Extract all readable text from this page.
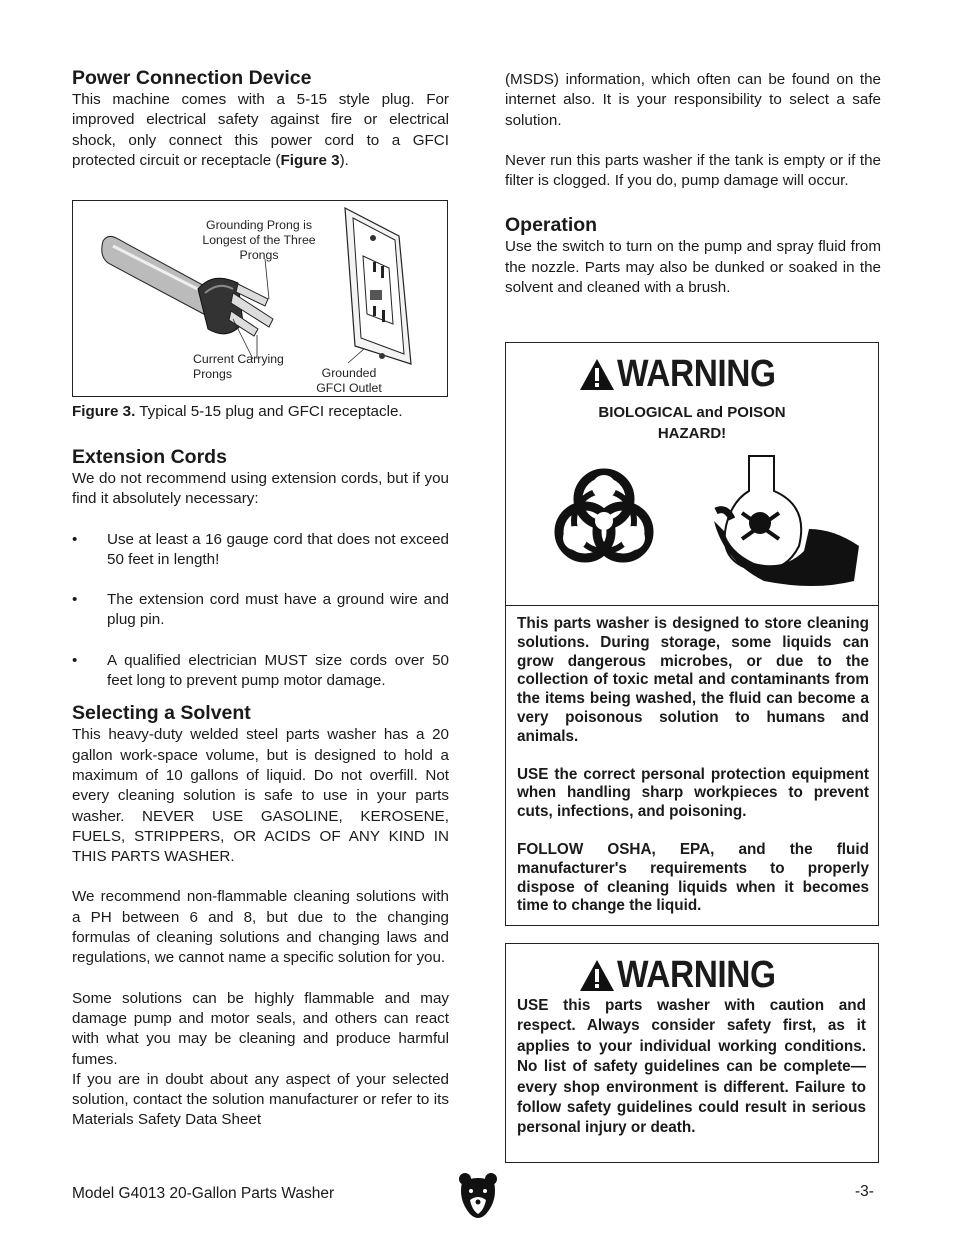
Power Connection Device

This machine comes with a 5-15 style plug. For improved electrical safety against fire or electrical shock, only connect this power cord to a GFCI protected circuit or receptacle (Figure 3).

Grounding Prong is Longest of the Three Prongs
Current Carrying Prongs	Grounded GFCI Outlet
Figure 3. Typical 5-15 plug and GFCI receptacle.
Extension Cords

We do not recommend using extension cords, but if you find it absolutely necessary:

• Use at least a 16 gauge cord that does not exceed 50 feet in length!
• The extension cord must have a ground wire and plug pin.
• A qualified electrician MUST size cords over 50 feet long to prevent pump motor damage.
Selecting a Solvent

This heavy-duty welded steel parts washer has a 20 gallon work-space volume, but is designed to hold a maximum of 10 gallons of liquid. Do not overfill. Not every cleaning solution is safe to use in your parts washer. NEVER USE GASOLINE, KEROSENE, FUELS, STRIPPERS, OR ACIDS OF ANY KIND IN THIS PARTS WASHER.

We recommend non-flammable cleaning solutions with a PH between 6 and 8, but due to the changing formulas of cleaning solutions and changing laws and regulations, we cannot name a specific solution for you.

Some solutions can be highly flammable and may damage pump and motor seals, and others can react with what you may be cleaning and produce harmful fumes.

If you are in doubt about any aspect of your selected solution, contact the solution manufacturer or refer to its Materials Safety Data Sheet

(MSDS) information, which often can be found on the internet also. It is your responsibility to select a safe solution.

Never run this parts washer if the tank is empty or if the filter is clogged. If you do, pump damage will occur.

Operation

Use the switch to turn on the pump and spray fluid from the nozzle. Parts may also be dunked or soaked in the solvent and cleaned with a brush.

WARNING
BIOLOGICAL and POISON
HAZARD!

This parts washer is designed to store cleaning solutions. During storage, some liquids can grow dangerous microbes, or due to the collection of toxic metal and contaminants from the items being washed, the fluid can become a very poisonous solution to humans and animals.

USE the correct personal protection equipment when handling sharp workpieces to prevent cuts, infections, and poisoning.

FOLLOW OSHA, EPA, and the fluid manufacturer's requirements to properly dispose of cleaning liquids when it becomes time to change the liquid.

WARNING

USE this parts washer with caution and respect. Always consider safety first, as it applies to your individual working conditions. No list of safety guidelines can be complete—every shop environment is different. Failure to follow safety guidelines could result in serious personal injury or death.

Model G4013 20-Gallon Parts Washer	-3-
